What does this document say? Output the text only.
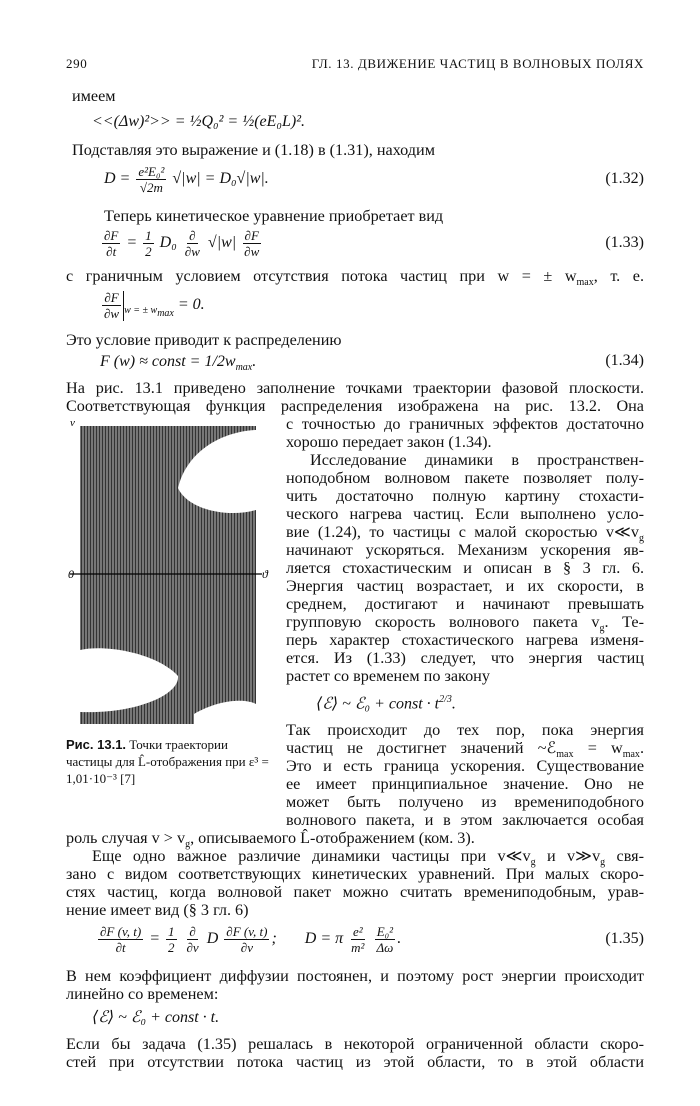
290	ГЛ. 13. ДВИЖЕНИЕ ЧАСТИЦ В ВОЛНОВЫХ ПОЛЯХ
имеем
<<(Δw)²>> = ½Q₀² = ½(eE₀L)².
Подставляя это выражение и (1.18) в (1.31), находим
$D = \frac{\text{e²E₀²}}{√2m} √|w| = D_0√|w|$.	(1.32)
Теперь кинетическое уравнение приобретает вид
$\frac{\partial F}{\partial t} = \frac{1}{2} D_0 \frac{\partial}{\partial w} √|w| \frac{\partial F}{\partial w}$	(1.33)
с граничным условием отсутствия потока частиц при w = ± $w_{max}$, т. е.
$\frac{\partial F}{\partial w} _{w = \pm w_{max}} = 0$.
Это условие приводит к распределению
F (w) ≈ const = $1/2w_{max}$.	(1.34)
На рис. 13.1 приведено заполнение точками траектории фазовой плоскости.
Соответствующая функция распределения изображена на рис. 13.2. Она
v
0	ϑ
Рис. 13.1. Точки траектории частицы для L̂-отображения при ε³ = 1,01·10⁻³ [7]
с точностью до граничных эффектов достаточно
хорошо передает закон (1.34).
Исследование динамики в пространствен-
ноподобном волновом пакете позволяет полу-
чить достаточно полную картину стохасти-
ческого нагрева частиц. Если выполнено усло-
вие (1.24), то частицы с малой скоростью $v≪v_g$
начинают ускоряться. Механизм ускорения яв-
ляется стохастическим и описан в § 3 гл. 6.
Энергия частиц возрастает, и их скорости, в
среднем, достигают и начинают превышать
групповую скорость волнового пакета $v_g$. Те-
перь характер стохастического нагрева изменя-
ется. Из (1.33) следует, что энергия частиц
растет со временем по закону
⟨ℰ⟩ ~ ℰ₀ + const · $t^{2/3}$.
Так происходит до тех пор, пока энергия
частиц не достигнет значений ~ℰ$_{max}$ = $w_{max}$.
Это и есть граница ускорения. Существование
ее имеет принципиальное значение. Оно не
может быть получено из времениподобного
волнового пакета, и в этом заключается особая
роль случая $v > v_g$, описываемого L̂-отображением (ком. 3).
Еще одно важное различие динамики частицы при $v≪v_g$ и $v≫v_g$ свя-
зано с видом соответствующих кинетических уравнений. При малых скоро-
стях частиц, когда волновой пакет можно считать времениподобным, урав-
нение имеет вид (§ 3 гл. 6)
$\frac{\partial F (v, t)}{\partial t} = \frac{1}{2}$
$\frac{\partial}{\partial v}$ D $\frac{\partial F (v, t)}{\partial v}$ ;       D = π $\frac{\text{e²}}{\text{m²}}$
$\frac{\text{E₀²}}{\Delta\omega}$ .	(1.35)
В нем коэффициент диффузии постоянен, и поэтому рост энергии происходит
линейно со временем:
⟨ℰ⟩ ~ ℰ₀ + const · t.
Если бы задача (1.35) решалась в некоторой ограниченной области скоро-
стей при отсутствии потока частиц из этой области, то в этой области
